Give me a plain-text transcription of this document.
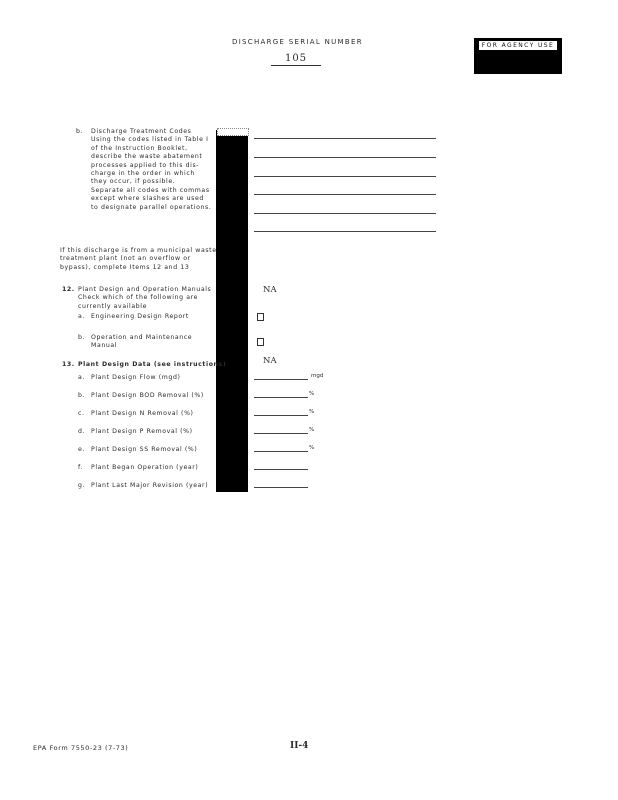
DISCHARGE SERIAL NUMBER
105
FOR AGENCY USE
b. Discharge Treatment Codes
Using the codes listed in Table I
of the Instruction Booklet,
describe the waste abatement
processes applied to this dis-
charge in the order in which
they occur, if possible.
Separate all codes with commas
except where slashes are used
to designate parallel operations.
If this discharge is from a municipal waste
treatment plant (not an overflow or
bypass), complete Items 12 and 13
12. Plant Design and Operation Manuals
Check which of the following are
currently available
NA
a. Engineering Design Report
b. Operation and Maintenance
Manual
13. Plant Design Data (see instructions)	NA
a. Plant Design Flow (mgd)	mgd
b. Plant Design BOD Removal (%)	%
c. Plant Design N Removal (%)	%
d. Plant Design P Removal (%)	%
e. Plant Design SS Removal (%)	%
f. Plant Began Operation (year)
g. Plant Last Major Revision (year)
EPA Form 7550-23 (7-73)	II-4
